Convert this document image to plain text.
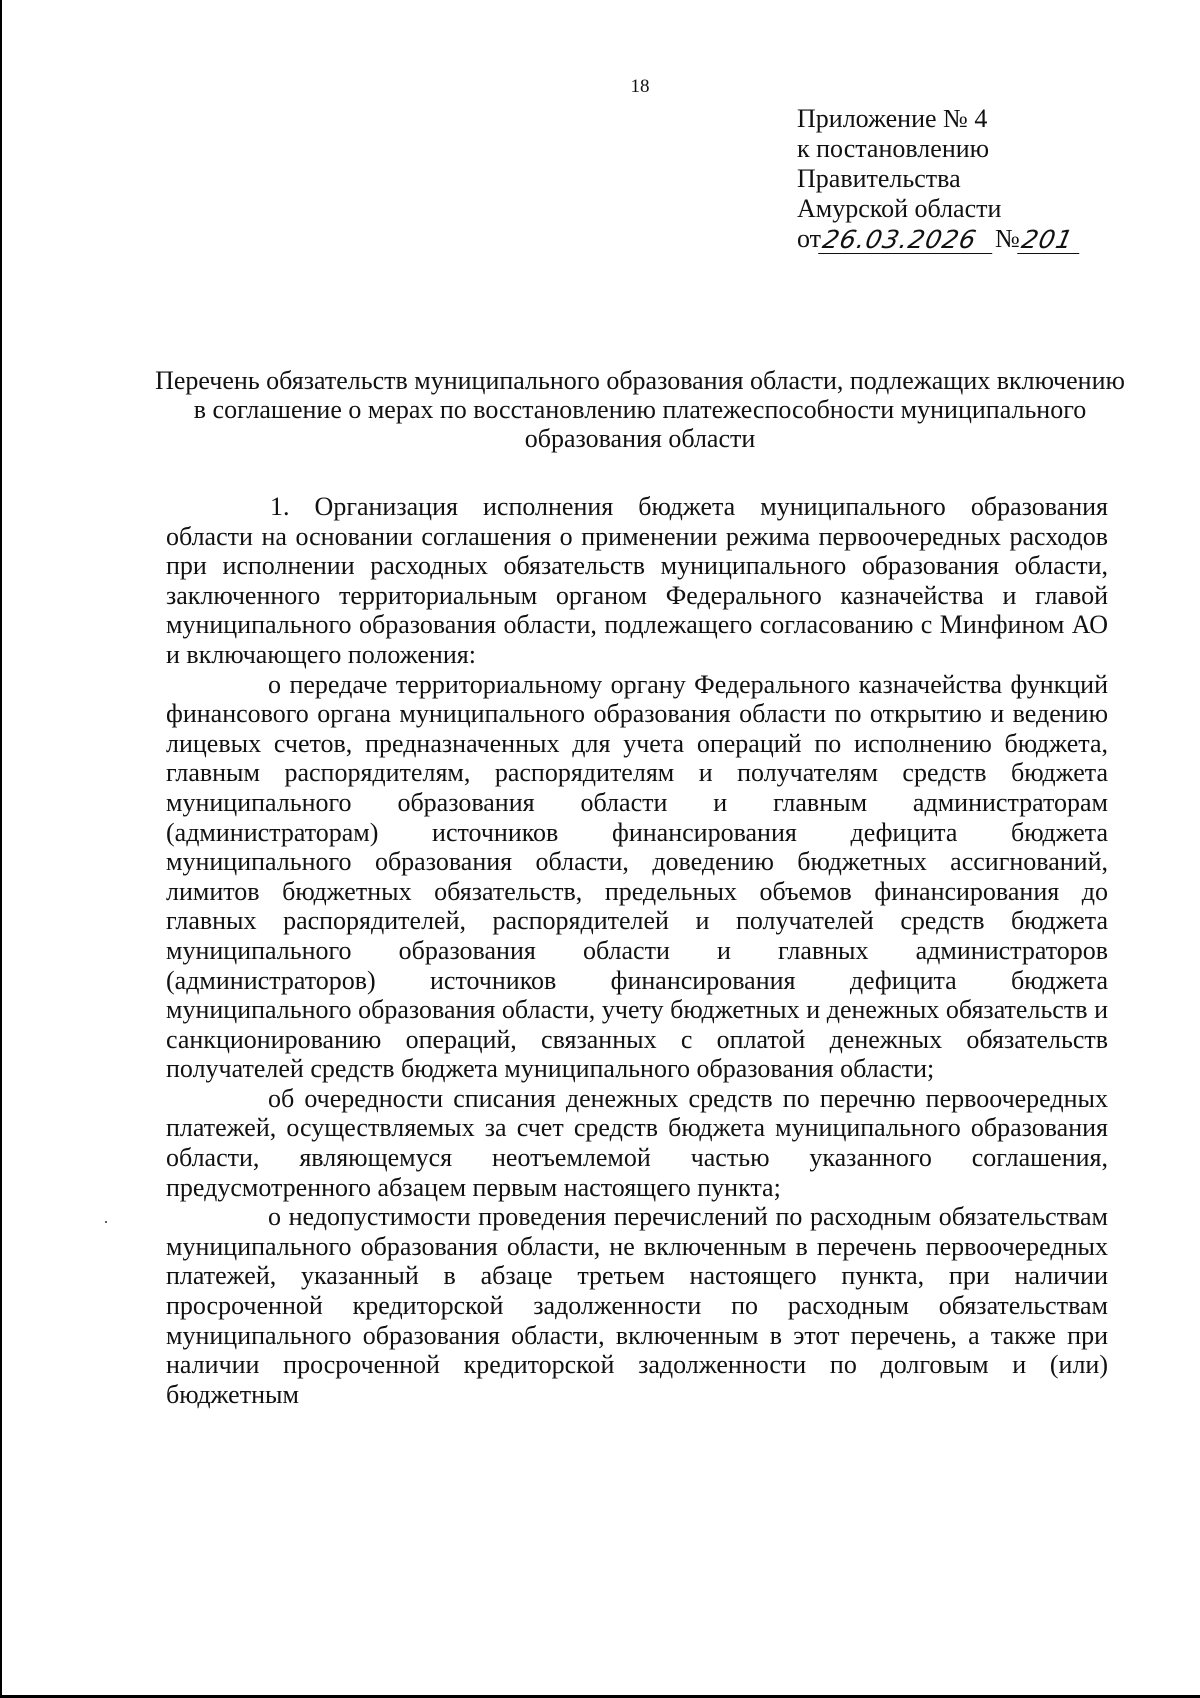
18
Приложение № 4
к постановлению
Правительства
Амурской области
от 26.03.2026 № 201
Перечень обязательств муниципального образования области, подлежащих включению в соглашение о мерах по восстановлению платежеспособности муниципального образования области

1. Организация исполнения бюджета муниципального образования области на основании соглашения о применении режима первоочередных расходов при исполнении расходных обязательств муниципального образования области, заключенного территориальным органом Федерального казначейства и главой муниципального образования области, подлежащего согласованию с Минфином АО и включающего положения:

о передаче территориальному органу Федерального казначейства функций финансового органа муниципального образования области по открытию и ведению лицевых счетов, предназначенных для учета операций по исполнению бюджета, главным распорядителям, распорядителям и получателям средств бюджета муниципального образования области и главным администраторам (администраторам) источников финансирования дефицита бюджета муниципального образования области, доведению бюджетных ассигнований, лимитов бюджетных обязательств, предельных объемов финансирования до главных распорядителей, распорядителей и получателей средств бюджета муниципального образования области и главных администраторов (администраторов) источников финансирования дефицита бюджета муниципального образования области, учету бюджетных и денежных обязательств и санкционированию операций, связанных с оплатой денежных обязательств получателей средств бюджета муниципального образования области;

об очередности списания денежных средств по перечню первоочередных платежей, осуществляемых за счет средств бюджета муниципального образования области, являющемуся неотъемлемой частью указанного соглашения, предусмотренного абзацем первым настоящего пункта;

о недопустимости проведения перечислений по расходным обязательствам муниципального образования области, не включенным в перечень первоочередных платежей, указанный в абзаце третьем настоящего пункта, при наличии просроченной кредиторской задолженности по расходным обязательствам муниципального образования области, включенным в этот перечень, а также при наличии просроченной кредиторской задолженности по долговым и (или) бюджетным
